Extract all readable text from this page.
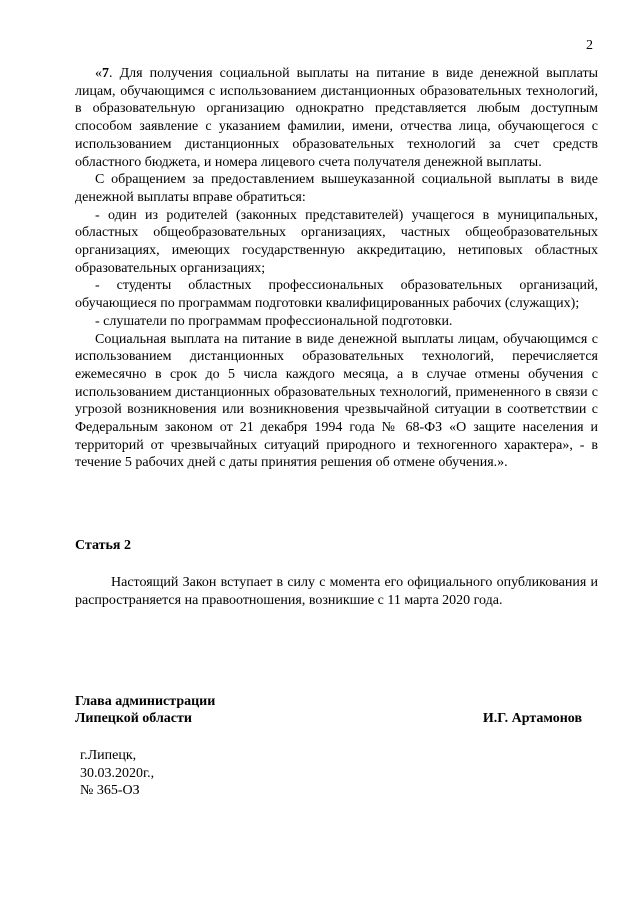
2

«7. Для получения социальной выплаты на питание в виде денежной выплаты лицам, обучающимся с использованием дистанционных образовательных технологий, в образовательную организацию однократно представляется любым доступным способом заявление с указанием фамилии, имени, отчества лица, обучающегося с использованием дистанционных образовательных технологий за счет средств областного бюджета, и номера лицевого счета получателя денежной выплаты.

С обращением за предоставлением вышеуказанной социальной выплаты в виде денежной выплаты вправе обратиться:

- один из родителей (законных представителей) учащегося в муниципальных, областных общеобразовательных организациях, частных общеобразовательных организациях, имеющих государственную аккредитацию, нетиповых областных образовательных организациях;

- студенты областных профессиональных образовательных организаций, обучающиеся по программам подготовки квалифицированных рабочих (служащих);

- слушатели по программам профессиональной подготовки.

Социальная выплата на питание в виде денежной выплаты лицам, обучающимся с использованием дистанционных образовательных технологий, перечисляется ежемесячно в срок до 5 числа каждого месяца, а в случае отмены обучения с использованием дистанционных образовательных технологий, примененного в связи с угрозой возникновения или возникновения чрезвычайной ситуации в соответствии с Федеральным законом от 21 декабря 1994 года № 68-ФЗ «О защите населения и территорий от чрезвычайных ситуаций природного и техногенного характера», - в течение 5 рабочих дней с даты принятия решения об отмене обучения.».

Статья 2

Настоящий Закон вступает в силу с момента его официального опубликования и распространяется на правоотношения, возникшие с 11 марта 2020 года.

Глава администрации
Липецкой области	И.Г. Артамонов
г.Липецк,
30.03.2020г.,
№ 365-ОЗ
